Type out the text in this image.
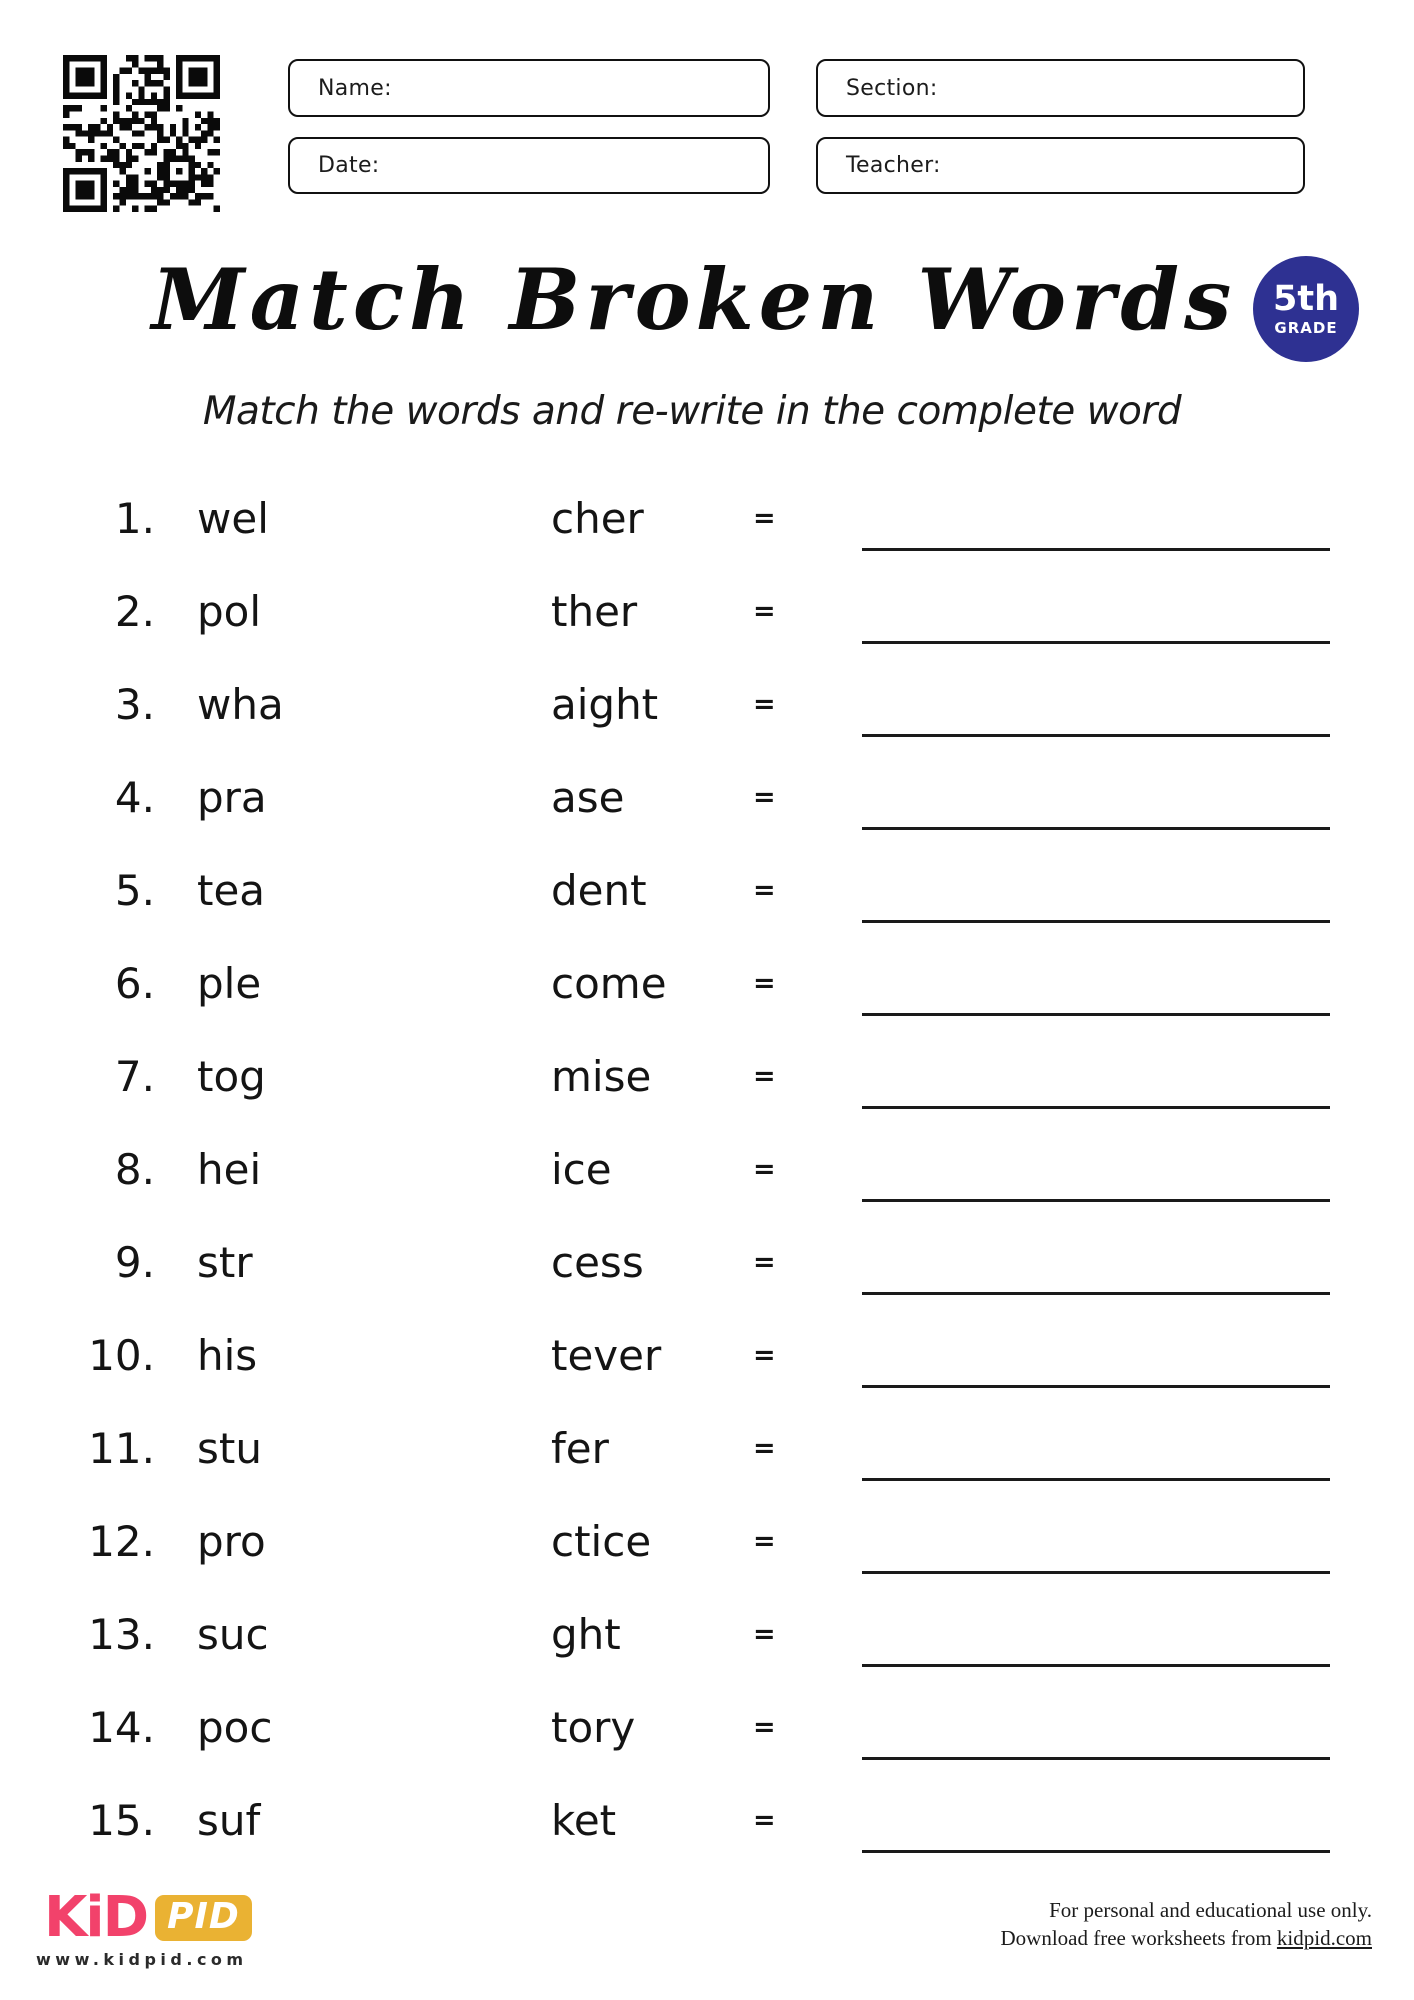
Name:	Section:
Date:	Teacher:
Match Broken Words	5th
GRADE
Match the words and re-write in the complete word
1. wel	cher	=
2. pol	ther	=
3. wha	aight	=
4. pra	ase	=
5. tea	dent	=
6. ple	come	=
7. tog	mise	=
8. hei	ice	=
9. str	cess	=
10. his	tever	=
11. stu	fer	=
12. pro	ctice	=
13. suc	ght	=
14. poc	tory	=
15. suf	ket	=
KiD PID
www.kidpid.com
For personal and educational use only.
Download free worksheets from kidpid.com
